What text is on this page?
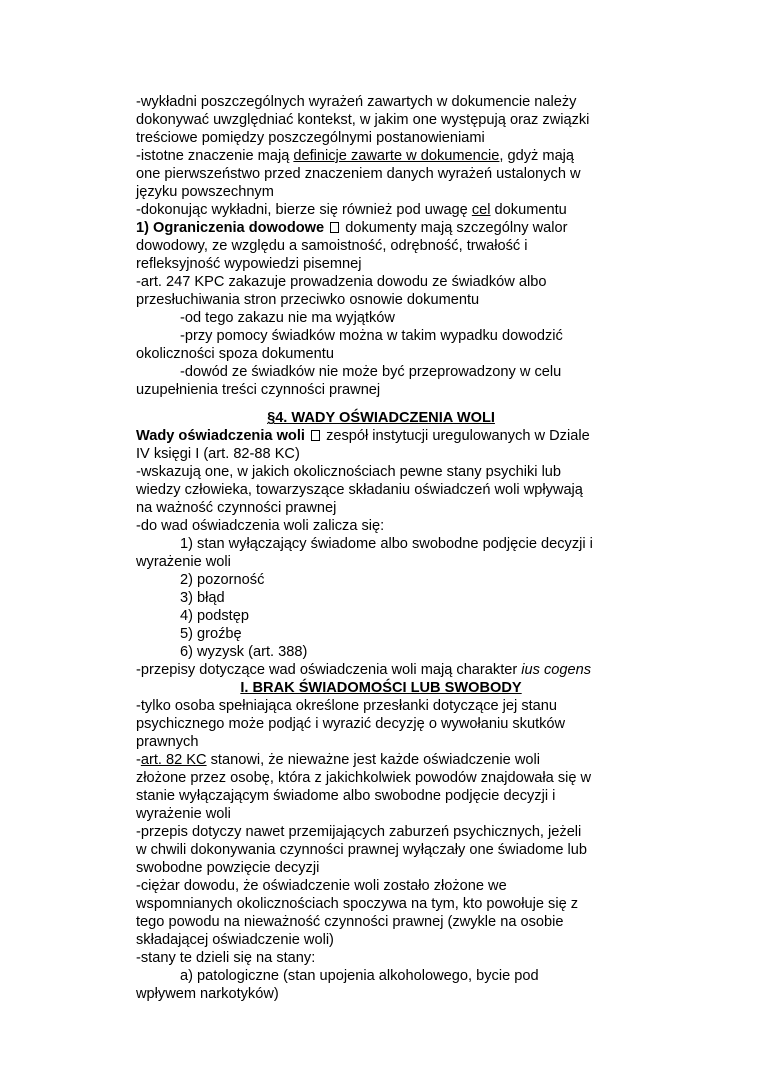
-wykładni poszczególnych wyrażeń zawartych w dokumencie należy
dokonywać uwzględniać kontekst, w jakim one występują oraz związki
treściowe pomiędzy poszczególnymi postanowieniami
-istotne znaczenie mają definicje zawarte w dokumencie, gdyż mają
one pierwszeństwo przed znaczeniem danych wyrażeń ustalonych w
języku powszechnym
-dokonując wykładni, bierze się również pod uwagę cel dokumentu
1) Ograniczenia dowodowe  dokumenty mają szczególny walor
dowodowy, ze względu a samoistność, odrębność, trwałość i
refleksyjność wypowiedzi pisemnej
-art. 247 KPC zakazuje prowadzenia dowodu ze świadków albo
przesłuchiwania stron przeciwko osnowie dokumentu
-od tego zakazu nie ma wyjątków
-przy pomocy świadków można w takim wypadku dowodzić
okoliczności spoza dokumentu
-dowód ze świadków nie może być przeprowadzony w celu
uzupełnienia treści czynności prawnej
§4. WADY OŚWIADCZENIA WOLI
Wady oświadczenia woli  zespół instytucji uregulowanych w Dziale
IV księgi I (art. 82-88 KC)
-wskazują one, w jakich okolicznościach pewne stany psychiki lub
wiedzy człowieka, towarzyszące składaniu oświadczeń woli wpływają
na ważność czynności prawnej
-do wad oświadczenia woli zalicza się:
1) stan wyłączający świadome albo swobodne podjęcie decyzji i
wyrażenie woli
2) pozorność
3) błąd
4) podstęp
5) groźbę
6) wyzysk (art. 388)
-przepisy dotyczące wad oświadczenia woli mają charakter ius cogens
I. BRAK ŚWIADOMOŚCI LUB SWOBODY
-tylko osoba spełniająca określone przesłanki dotyczące jej stanu
psychicznego może podjąć i wyrazić decyzję o wywołaniu skutków
prawnych
-art. 82 KC stanowi, że nieważne jest każde oświadczenie woli
złożone przez osobę, która z jakichkolwiek powodów znajdowała się w
stanie wyłączającym świadome albo swobodne podjęcie decyzji i
wyrażenie woli
-przepis dotyczy nawet przemijających zaburzeń psychicznych, jeżeli
w chwili dokonywania czynności prawnej wyłączały one świadome lub
swobodne powzięcie decyzji
-ciężar dowodu, że oświadczenie woli zostało złożone we
wspomnianych okolicznościach spoczywa na tym, kto powołuje się z
tego powodu na nieważność czynności prawnej (zwykle na osobie
składającej oświadczenie woli)
-stany te dzieli się na stany:
a) patologiczne (stan upojenia alkoholowego, bycie pod
wpływem narkotyków)
